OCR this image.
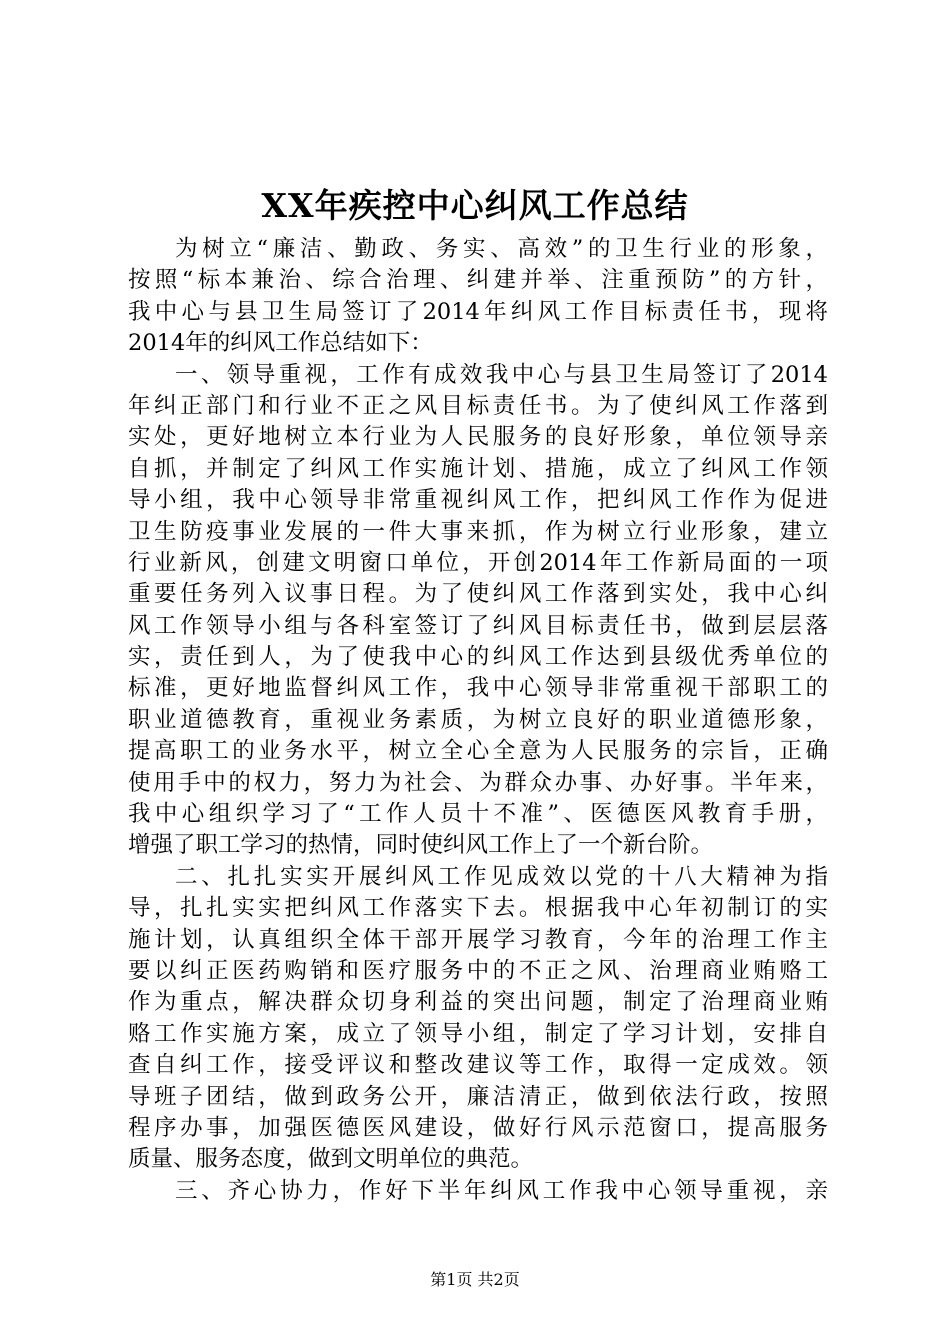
XX年疾控中心纠风工作总结
为树立“廉洁、勤政、务实、高效”的卫生行业的形象，
按照“标本兼治、综合治理、纠建并举、注重预防”的方针，
我中心与县卫生局签订了2014年纠风工作目标责任书，现将
2014年的纠风工作总结如下：
一、领导重视，工作有成效我中心与县卫生局签订了2014
年纠正部门和行业不正之风目标责任书。为了使纠风工作落到
实处，更好地树立本行业为人民服务的良好形象，单位领导亲
自抓，并制定了纠风工作实施计划、措施，成立了纠风工作领
导小组，我中心领导非常重视纠风工作，把纠风工作作为促进
卫生防疫事业发展的一件大事来抓，作为树立行业形象，建立
行业新风，创建文明窗口单位，开创2014年工作新局面的一项
重要任务列入议事日程。为了使纠风工作落到实处，我中心纠
风工作领导小组与各科室签订了纠风目标责任书，做到层层落
实，责任到人，为了使我中心的纠风工作达到县级优秀单位的
标准，更好地监督纠风工作，我中心领导非常重视干部职工的
职业道德教育，重视业务素质，为树立良好的职业道德形象，
提高职工的业务水平，树立全心全意为人民服务的宗旨，正确
使用手中的权力，努力为社会、为群众办事、办好事。半年来，
我中心组织学习了“工作人员十不准”、医德医风教育手册，
增强了职工学习的热情，同时使纠风工作上了一个新台阶。
二、扎扎实实开展纠风工作见成效以党的十八大精神为指
导，扎扎实实把纠风工作落实下去。根据我中心年初制订的实
施计划，认真组织全体干部开展学习教育，今年的治理工作主
要以纠正医药购销和医疗服务中的不正之风、治理商业贿赂工
作为重点，解决群众切身利益的突出问题，制定了治理商业贿
赂工作实施方案，成立了领导小组，制定了学习计划，安排自
查自纠工作，接受评议和整改建议等工作，取得一定成效。领
导班子团结，做到政务公开，廉洁清正，做到依法行政，按照
程序办事，加强医德医风建设，做好行风示范窗口，提高服务
质量、服务态度，做到文明单位的典范。
三、齐心协力，作好下半年纠风工作我中心领导重视，亲
第1页 共2页
